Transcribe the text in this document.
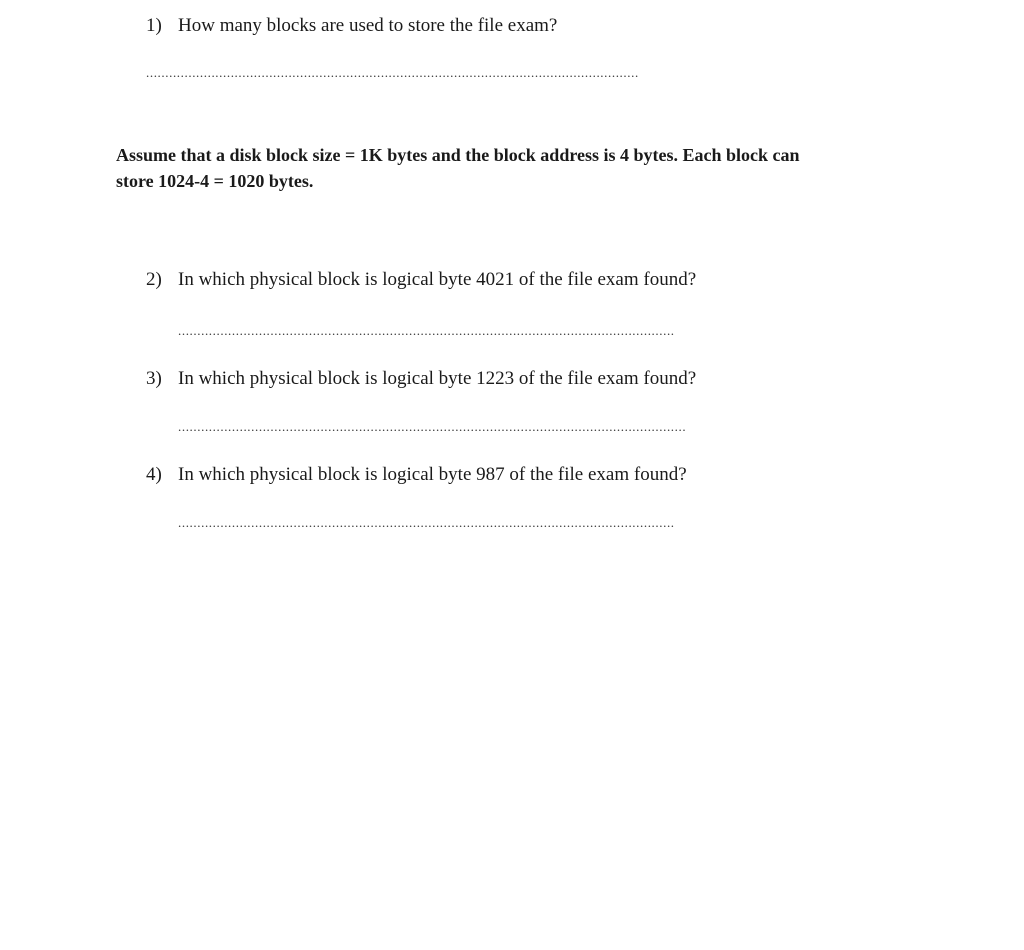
1) How many blocks are used to store the file exam?
................................................................................................................................
Assume that a disk block size = 1K bytes and the block address is 4 bytes. Each block can
store 1024-4 = 1020 bytes.
2) In which physical block is logical byte 4021 of the file exam found?
.................................................................................................................................
3) In which physical block is logical byte 1223 of the file exam found?
....................................................................................................................................
4) In which physical block is logical byte 987 of the file exam found?
.................................................................................................................................
